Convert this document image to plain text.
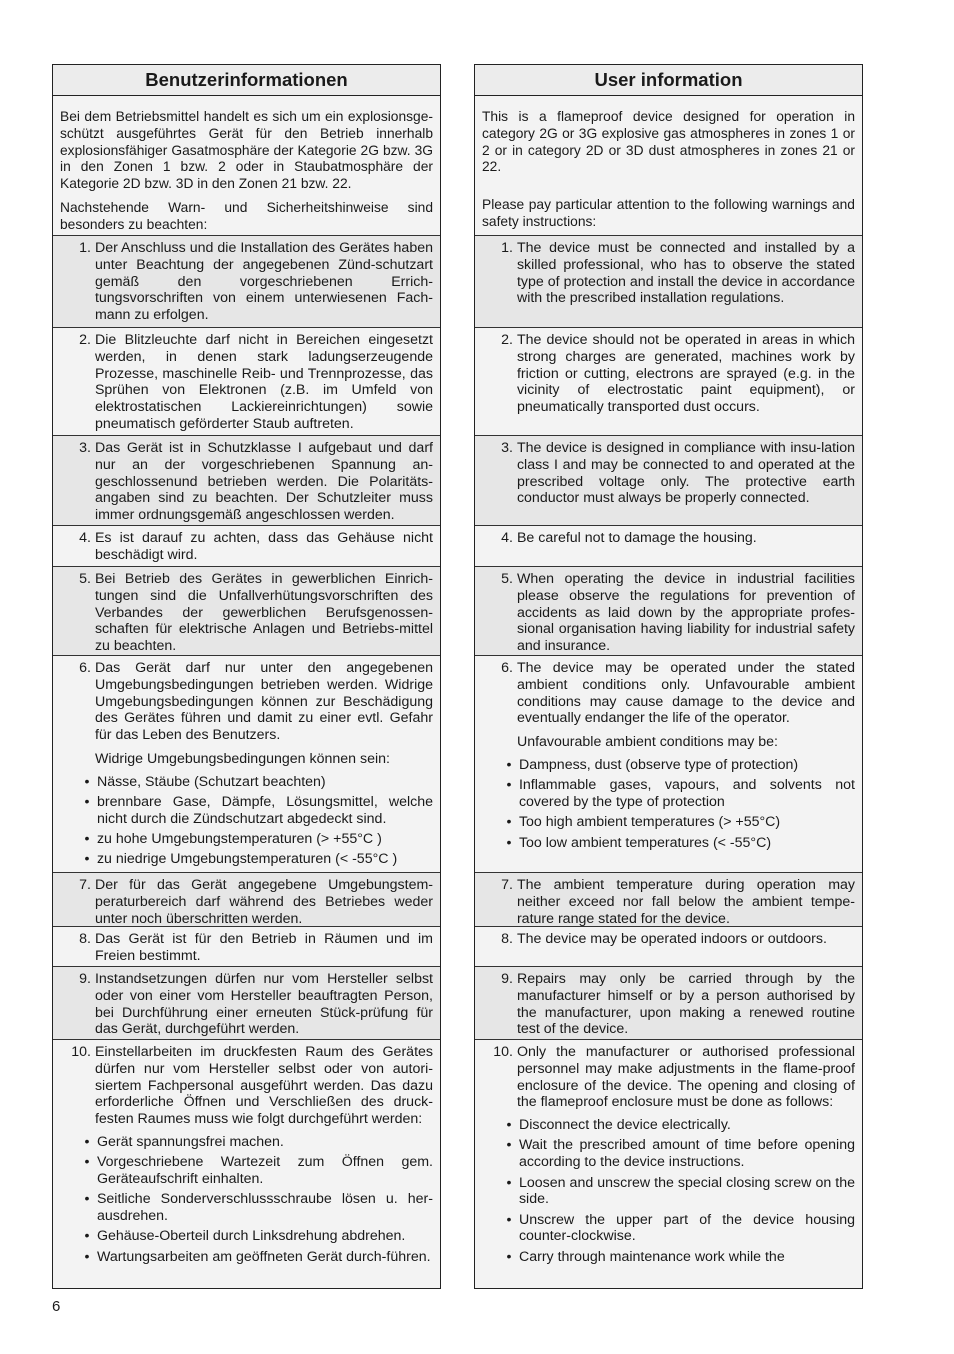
Benutzerinformationen

Bei dem Betriebsmittel handelt es sich um ein explosionsge-schützt ausgeführtes Gerät für den Betrieb innerhalb explosionsfähiger Gasatmosphäre der Kategorie 2G bzw. 3G in den Zonen 1 bzw. 2 oder in Staubatmosphäre der Kategorie 2D bzw. 3D in den Zonen 21 bzw. 22.

Nachstehende Warn- und Sicherheitshinweise sind besonders zu beachten:

1.
Der Anschluss und die Installation des Gerätes haben unter Beachtung der angegebenen Zünd-schutzart gemäß den vorgeschriebenen Errich-tungsvorschriften von einem unterwiesenen Fach-mann zu erfolgen.

2.
Die Blitzleuchte darf nicht in Bereichen eingesetzt werden, in denen stark ladungserzeugende Prozesse, maschinelle Reib- und Trennprozesse, das Sprühen von Elektronen (z.B. im Umfeld von elektrostatischen Lackiereinrichtungen) sowie pneumatisch geförderter Staub auftreten.

3.
Das Gerät ist in Schutzklasse I aufgebaut und darf nur an der vorgeschriebenen Spannung an-geschlossenund betrieben werden. Die Polaritäts-angaben sind zu beachten. Der Schutzleiter muss immer ordnungsgemäß angeschlossen werden.

4.
Es ist darauf zu achten, dass das Gehäuse nicht beschädigt wird.

5.
Bei Betrieb des Gerätes in gewerblichen Einrich-tungen sind die Unfallverhütungsvorschriften des Verbandes der gewerblichen Berufsgenossen-schaften für elektrische Anlagen und Betriebs-mittel zu beachten.

6.
Das Gerät darf nur unter den angegebenen Umgebungsbedingungen betrieben werden. Widrige Umgebungsbedingungen können zur Beschädigung des Gerätes führen und damit zu einer evtl. Gefahr für das Leben des Benutzers.

Widrige Umgebungsbedingungen können sein:

• Nässe, Stäube (Schutzart beachten)
• brennbare Gase, Dämpfe, Lösungsmittel, welche nicht durch die Zündschutzart abgedeckt sind.
• zu hohe Umgebungstemperaturen (> +55°C )
• zu niedrige Umgebungstemperaturen (< -55°C )
7.
Der für das Gerät angegebene Umgebungstem-peraturbereich darf während des Betriebes weder unter noch überschritten werden.

8.
Das Gerät ist für den Betrieb in Räumen und im Freien bestimmt.

9.
Instandsetzungen dürfen nur vom Hersteller selbst oder von einer vom Hersteller beauftragten Person, bei Durchführung einer erneuten Stück-prüfung für das Gerät, durchgeführt werden.

10.
Einstellarbeiten im druckfesten Raum des Gerätes dürfen nur vom Hersteller selbst oder von autori-siertem Fachpersonal ausgeführt werden. Das dazu erforderliche Öffnen und Verschließen des druck-festen Raumes muss wie folgt durchgeführt werden:

• Gerät spannungsfrei machen.
• Vorgeschriebene Wartezeit zum Öffnen gem. Geräteaufschrift einhalten.
• Seitliche Sonderverschlussschraube lösen u. her-ausdrehen.
• Gehäuse-Oberteil durch Linksdrehung abdrehen.
• Wartungsarbeiten am geöffneten Gerät durch-führen.
User information

This is a flameproof device designed for operation in category 2G or 3G explosive gas atmospheres in zones 1 or 2 or in category 2D or 3D dust atmospheres in zones 21 or 22.

Please pay particular attention to the following warnings and safety instructions:

1.
The device must be connected and installed by a skilled professional, who has to observe the stated type of protection and install the device in accordance with the prescribed installation regulations.

2.
The device should not be operated in areas in which strong charges are generated, machines work by friction or cutting, electrons are sprayed (e.g. in the vicinity of electrostatic paint equipment), or pneumatically transported dust occurs.

3.
The device is designed in compliance with insu-lation class I and may be connected to and operated at the prescribed voltage only. The protective earth conductor must always be properly connected.

4.
Be careful not to damage the housing.

5.
When operating the device in industrial facilities please observe the regulations for prevention of accidents as laid down by the appropriate profes-sional organisation having liability for industrial safety and insurance.

6.
The device may be operated under the stated ambient conditions only. Unfavourable ambient conditions may cause damage to the device and eventually endanger the life of the operator.

Unfavourable ambient conditions may be:

• Dampness, dust (observe type of protection)
• Inflammable gases, vapours, and solvents not covered by the type of protection
• Too high ambient temperatures (> +55°C)
• Too low ambient temperatures (< -55°C)
7.
The ambient temperature during operation may neither exceed nor fall below the ambient tempe-rature range stated for the device.

8.
The device may be operated indoors or outdoors.

9.
Repairs may only be carried through by the manufacturer himself or by a person authorised by the manufacturer, upon making a renewed routine test of the device.

10.
Only the manufacturer or authorised professional personnel may make adjustments in the flame-proof enclosure of the device. The opening and closing of the flameproof enclosure must be done as follows:

• Disconnect the device electrically.
• Wait the prescribed amount of time before opening according to the device instructions.
• Loosen and unscrew the special closing screw on the side.
• Unscrew the upper part of the device housing counter-clockwise.
• Carry through maintenance work while the
6
